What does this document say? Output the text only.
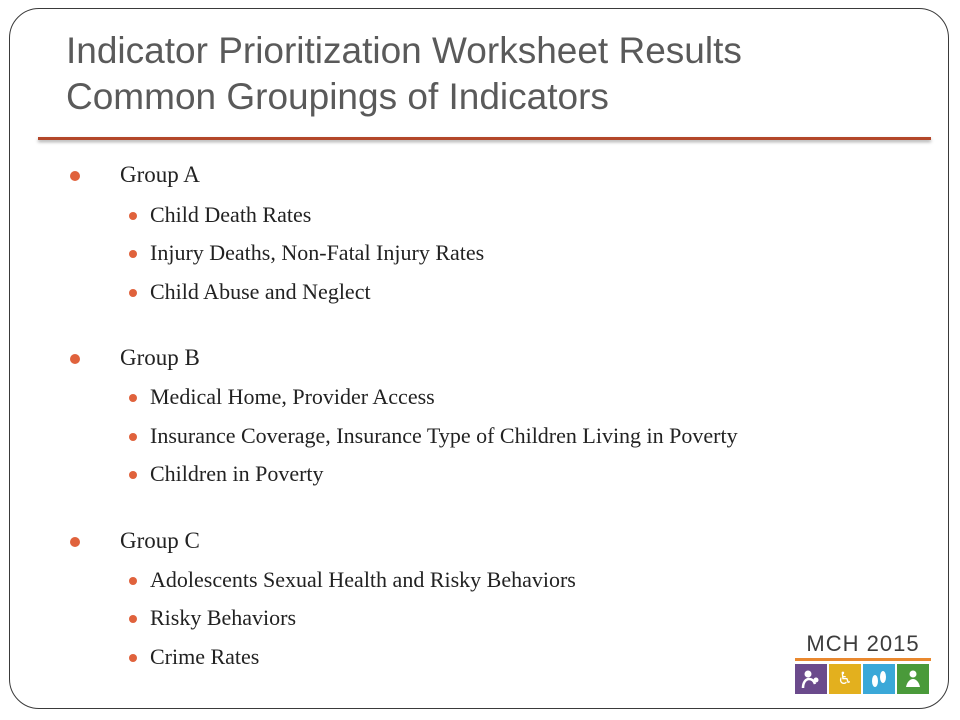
Indicator Prioritization Worksheet Results
Common Groupings of Indicators
Group A
Child Death Rates
Injury Deaths, Non-Fatal Injury Rates
Child Abuse and Neglect
Group B
Medical Home, Provider Access
Insurance Coverage, Insurance Type of Children Living in Poverty
Children in Poverty
Group C
Adolescents Sexual Health and Risky Behaviors
Risky Behaviors
Crime Rates
MCH 2015
♿
